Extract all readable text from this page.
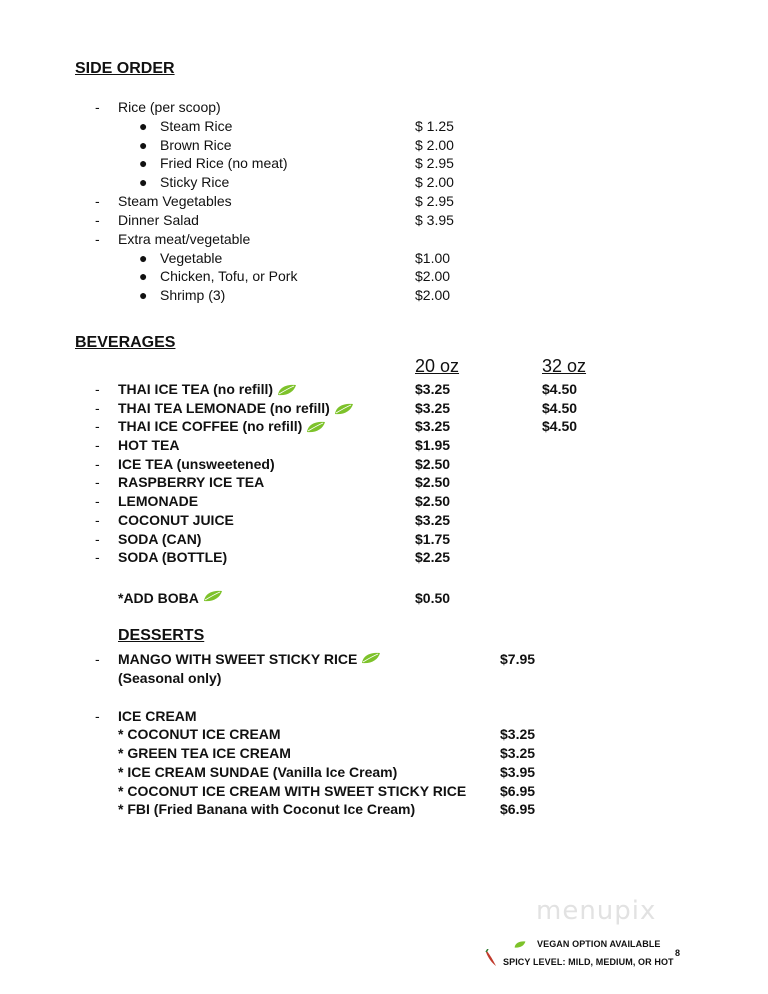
SIDE ORDER
- Rice (per scoop)
● Steam Rice	$ 1.25
● Brown Rice	$ 2.00
● Fried Rice (no meat)	$ 2.95
● Sticky Rice	$ 2.00
- Steam Vegetables	$ 2.95
- Dinner Salad	$ 3.95
- Extra meat/vegetable
● Vegetable	$1.00
● Chicken, Tofu, or Pork	$2.00
● Shrimp (3)	$2.00
BEVERAGES
20 oz	32 oz
- THAI ICE TEA (no refill)	$3.25	$4.50
- THAI TEA LEMONADE (no refill)	$3.25	$4.50
- THAI ICE COFFEE (no refill)	$3.25	$4.50
- HOT TEA	$1.95
- ICE TEA (unsweetened)	$2.50
- RASPBERRY ICE TEA	$2.50
- LEMONADE	$2.50
- COCONUT JUICE	$3.25
- SODA (CAN)	$1.75
- SODA (BOTTLE)	$2.25
*ADD BOBA	$0.50
DESSERTS
- MANGO WITH SWEET STICKY RICE	$7.95
(Seasonal only)
- ICE CREAM
* COCONUT ICE CREAM	$3.25
* GREEN TEA ICE CREAM	$3.25
* ICE CREAM SUNDAE (Vanilla Ice Cream)	$3.95
* COCONUT ICE CREAM WITH SWEET STICKY RICE $6.95
* FBI (Fried Banana with Coconut Ice Cream)	$6.95
menupix
VEGAN OPTION AVAILABLE
SPICY LEVEL: MILD, MEDIUM, OR HOT
8
